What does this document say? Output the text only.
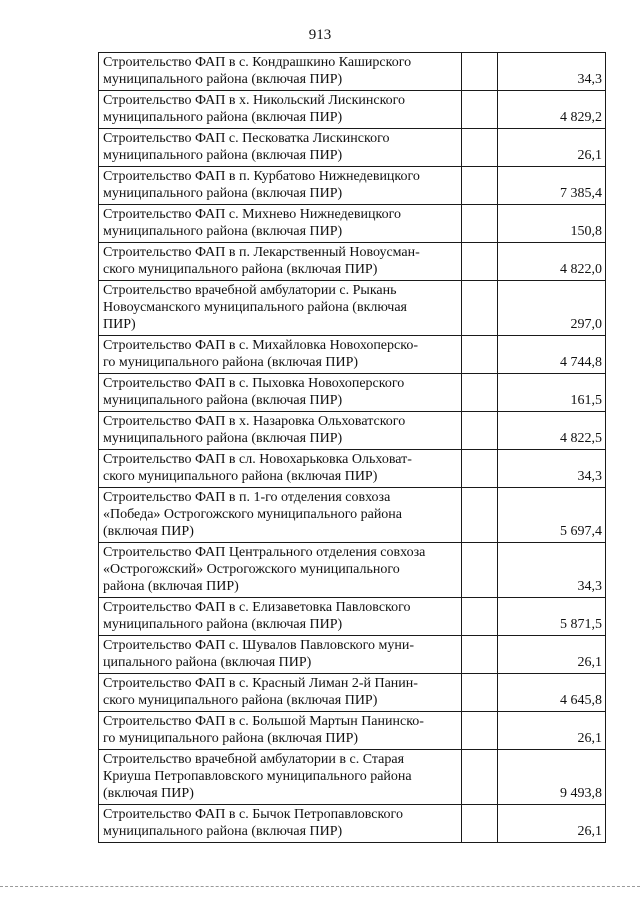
913
Строительство ФАП в с. Кондрашкино Каширского
муниципального района (включая ПИР)		34,3

Строительство ФАП в х. Никольский Лискинского
муниципального района (включая ПИР)		4 829,2

Строительство ФАП с. Песковатка Лискинского
муниципального района (включая ПИР)		26,1

Строительство ФАП в п. Курбатово Нижнедевицкого
муниципального района (включая ПИР)		7 385,4

Строительство ФАП с. Михнево Нижнедевицкого
муниципального района (включая ПИР)		150,8

Строительство ФАП в п. Лекарственный Новоусман-
ского муниципального района (включая ПИР)		4 822,0

Строительство врачебной амбулатории с. Рыкань
Новоусманского муниципального района (включая
ПИР)		297,0

Строительство ФАП в с. Михайловка Новохоперско-
го муниципального района (включая ПИР)		4 744,8

Строительство ФАП в с. Пыховка Новохоперского
муниципального района (включая ПИР)		161,5

Строительство ФАП в х. Назаровка Ольховатского
муниципального района (включая ПИР)		4 822,5

Строительство ФАП в сл. Новохарьковка Ольховат-
ского муниципального района (включая ПИР)		34,3

Строительство ФАП в п. 1-го отделения совхоза
«Победа» Острогожского муниципального района
(включая ПИР)		5 697,4

Строительство ФАП Центрального отделения совхоза
«Острогожский» Острогожского муниципального
района (включая ПИР)		34,3

Строительство ФАП в с. Елизаветовка Павловского
муниципального района (включая ПИР)		5 871,5

Строительство ФАП с. Шувалов Павловского муни-
ципального района (включая ПИР)		26,1

Строительство ФАП в с. Красный Лиман 2-й Панин-
ского муниципального района (включая ПИР)		4 645,8

Строительство ФАП в с. Большой Мартын Панинско-
го муниципального района (включая ПИР)		26,1

Строительство врачебной амбулатории в с. Старая
Криуша Петропавловского муниципального района
(включая ПИР)		9 493,8

Строительство ФАП в с. Бычок Петропавловского
муниципального района (включая ПИР)		26,1
